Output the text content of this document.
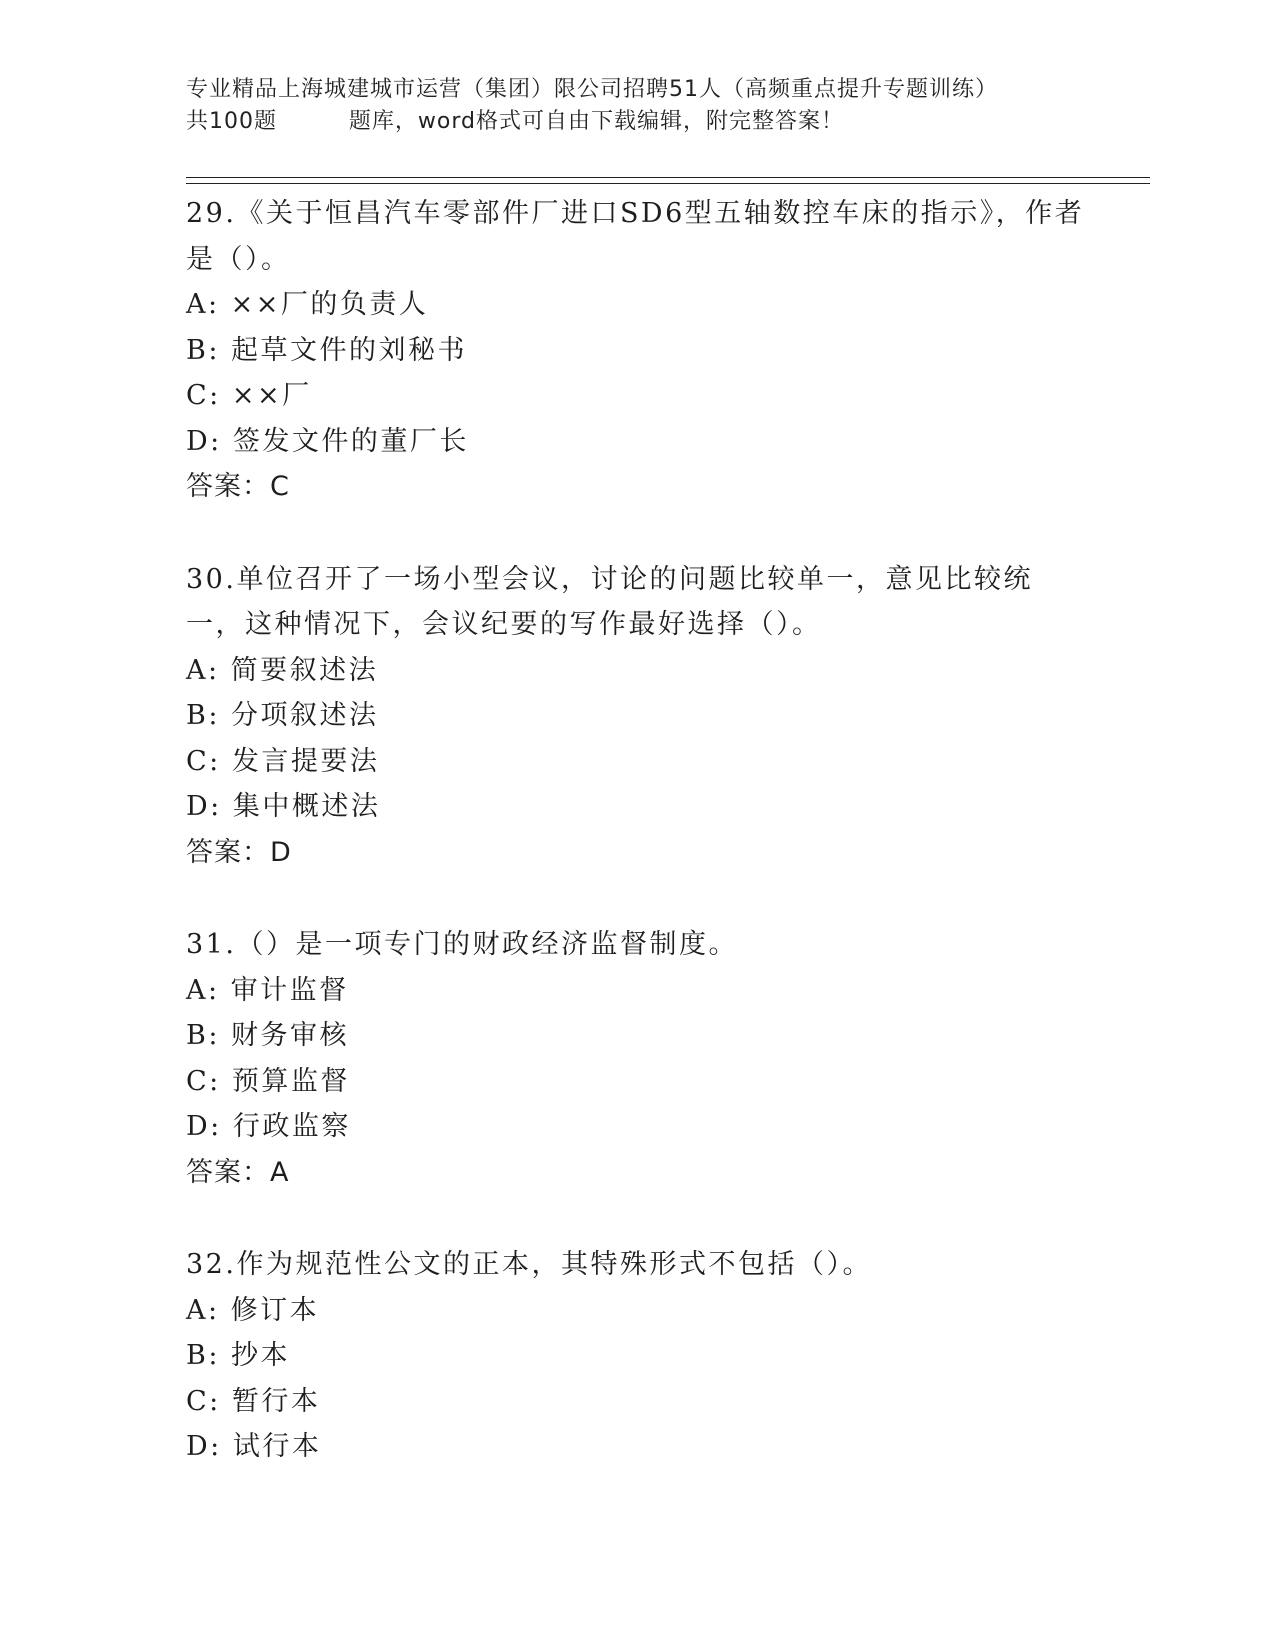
专业精品上海城建城市运营（集团）限公司招聘51人（高频重点提升专题训练）
共100题         题库，word格式可自由下载编辑，附完整答案！

29.《关于恒昌汽车零部件厂进口SD6型五轴数控车床的指示》，作者是（）。

A: ××厂的负责人

B: 起草文件的刘秘书

C: ××厂

D: 签发文件的董厂长

答案：C

30.单位召开了一场小型会议，讨论的问题比较单一，意见比较统一，这种情况下，会议纪要的写作最好选择（）。

A: 简要叙述法

B: 分项叙述法

C: 发言提要法

D: 集中概述法

答案：D

31.（）是一项专门的财政经济监督制度。

A: 审计监督

B: 财务审核

C: 预算监督

D: 行政监察

答案：A

32.作为规范性公文的正本，其特殊形式不包括（）。

A: 修订本

B: 抄本

C: 暂行本

D: 试行本
